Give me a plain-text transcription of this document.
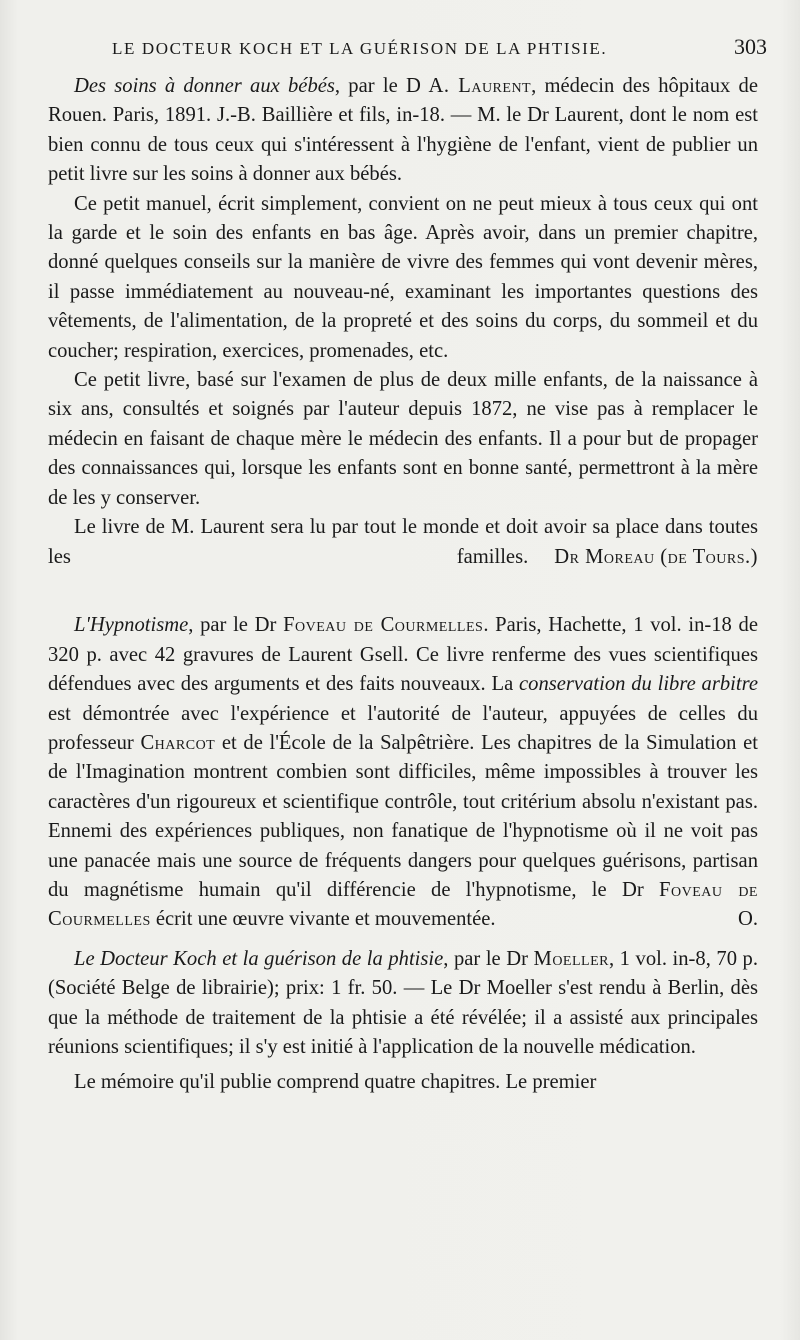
LE DOCTEUR KOCH ET LA GUÉRISON DE LA PHTISIE.	303

Des soins à donner aux bébés, par le D A. Laurent, médecin des hôpitaux de Rouen. Paris, 1891. J.-B. Baillière et fils, in-18. — M. le Dr Laurent, dont le nom est bien connu de tous ceux qui s'intéressent à l'hygiène de l'enfant, vient de publier un petit livre sur les soins à donner aux bébés.

Ce petit manuel, écrit simplement, convient on ne peut mieux à tous ceux qui ont la garde et le soin des enfants en bas âge. Après avoir, dans un premier chapitre, donné quelques conseils sur la manière de vivre des femmes qui vont devenir mères, il passe immédiatement au nouveau-né, examinant les importantes questions des vêtements, de l'alimentation, de la propreté et des soins du corps, du sommeil et du coucher; respiration, exercices, promenades, etc.

Ce petit livre, basé sur l'examen de plus de deux mille enfants, de la naissance à six ans, consultés et soignés par l'auteur depuis 1872, ne vise pas à remplacer le médecin en faisant de chaque mère le médecin des enfants. Il a pour but de propager des connaissances qui, lorsque les enfants sont en bonne santé, permettront à la mère de les y conserver.

Le livre de M. Laurent sera lu par tout le monde et doit avoir sa place dans toutes les familles.	Dr Moreau (de Tours.)

L'Hypnotisme, par le Dr Foveau de Courmelles. Paris, Hachette, 1 vol. in-18 de 320 p. avec 42 gravures de Laurent Gsell. Ce livre renferme des vues scientifiques défendues avec des arguments et des faits nouveaux. La conservation du libre arbitre est démontrée avec l'expérience et l'autorité de l'auteur, appuyées de celles du professeur Charcot et de l'École de la Salpêtrière. Les chapitres de la Simulation et de l'Imagination montrent combien sont difficiles, même impossibles à trouver les caractères d'un rigoureux et scientifique contrôle, tout critérium absolu n'existant pas. Ennemi des expériences publiques, non fanatique de l'hypnotisme où il ne voit pas une panacée mais une source de fréquents dangers pour quelques guérisons, partisan du magnétisme humain qu'il différencie de l'hypnotisme, le Dr Foveau de Courmelles écrit une œuvre vivante et mouvementée.	O.

Le Docteur Koch et la guérison de la phtisie, par le Dr Moeller, 1 vol. in-8, 70 p. (Société Belge de librairie); prix: 1 fr. 50. — Le Dr Moeller s'est rendu à Berlin, dès que la méthode de traitement de la phtisie a été révélée; il a assisté aux principales réunions scientifiques; il s'y est initié à l'application de la nouvelle médication.

Le mémoire qu'il publie comprend quatre chapitres. Le premier
